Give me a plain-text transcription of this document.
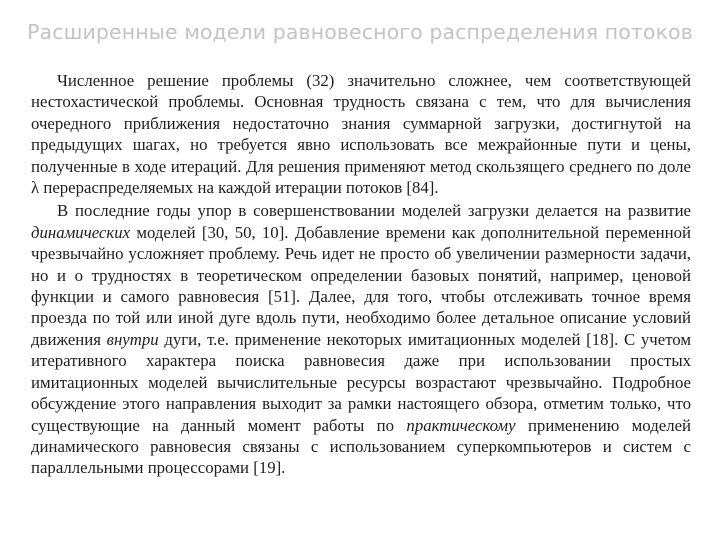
Расширенные модели равновесного распределения потоков

Численное решение проблемы (32) значительно сложнее, чем соответствующей нестохастической проблемы. Основная трудность связана с тем, что для вычисления очередного приближения недостаточно знания суммарной загрузки, достигнутой на предыдущих шагах, но требуется явно использовать все межрайонные пути и цены, полученные в ходе итераций. Для решения применяют метод скользящего среднего по доле λ перераспределяемых на каждой итерации потоков [84].

В последние годы упор в совершенствовании моделей загрузки делается на развитие динамических моделей [30, 50, 10]. Добавление времени как дополнительной переменной чрезвычайно усложняет проблему. Речь идет не просто об увеличении размерности задачи, но и о трудностях в теоретическом определении базовых понятий, например, ценовой функции и самого равновесия [51]. Далее, для того, чтобы отслеживать точное время проезда по той или иной дуге вдоль пути, необходимо более детальное описание условий движения внутри дуги, т.е. применение некоторых имитационных моделей [18]. С учетом итеративного характера поиска равновесия даже при использовании простых имитационных моделей вычислительные ресурсы возрастают чрезвычайно. Подробное обсуждение этого направления выходит за рамки настоящего обзора, отметим только, что существующие на данный момент работы по практическому применению моделей динамического равновесия связаны с использованием суперкомпьютеров и систем с параллельными процессорами [19].
